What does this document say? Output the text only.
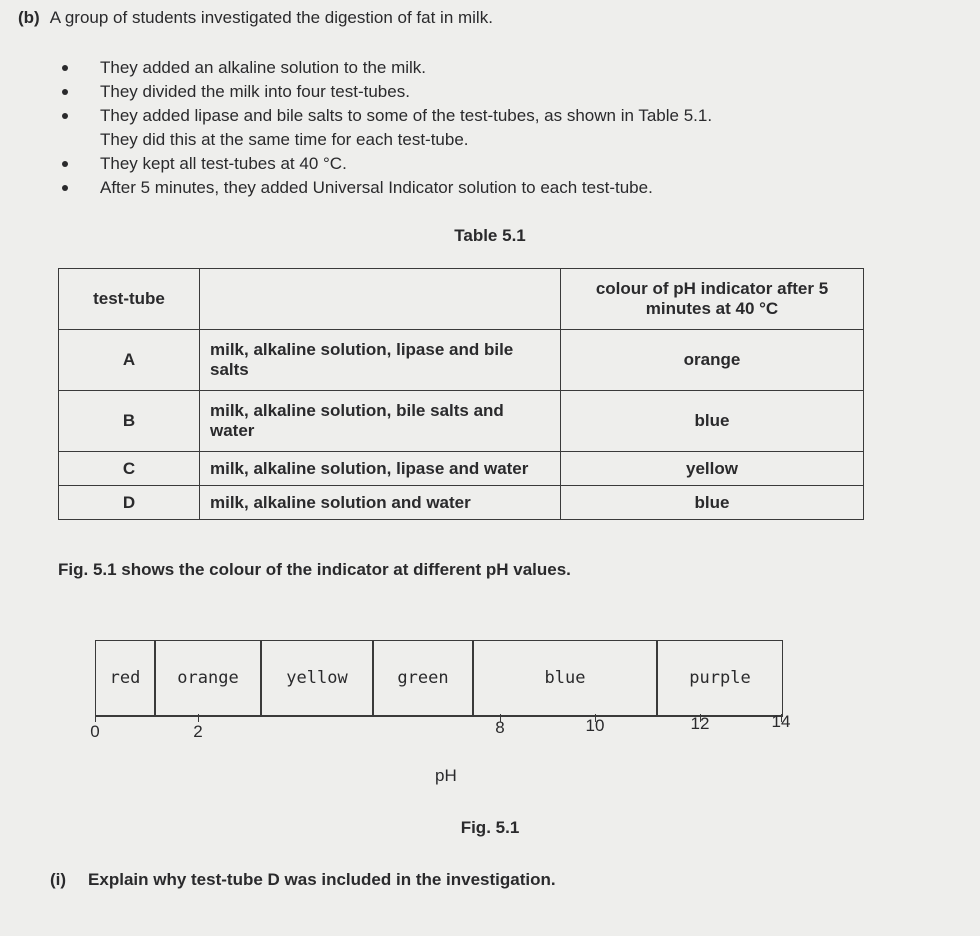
(b) A group of students investigated the digestion of fat in milk.
They added an alkaline solution to the milk.
They divided the milk into four test-tubes.
They added lipase and bile salts to some of the test-tubes, as shown in Table 5.1.
They did this at the same time for each test-tube.
They kept all test-tubes at 40 °C.
After 5 minutes, they added Universal Indicator solution to each test-tube.
Table 5.1
test-tube		colour of pH indicator after 5 minutes at 40 °C
A	milk, alkaline solution, lipase and bile salts	orange
B	milk, alkaline solution, bile salts and water	blue
C	milk, alkaline solution, lipase and water	yellow
D	milk, alkaline solution and water	blue
Fig. 5.1 shows the colour of the indicator at different pH values.
red	orange	yellow	green	blue	purple
0	2	8	10	12	14
pH
Fig. 5.1
(i) Explain why test-tube D was included in the investigation.
